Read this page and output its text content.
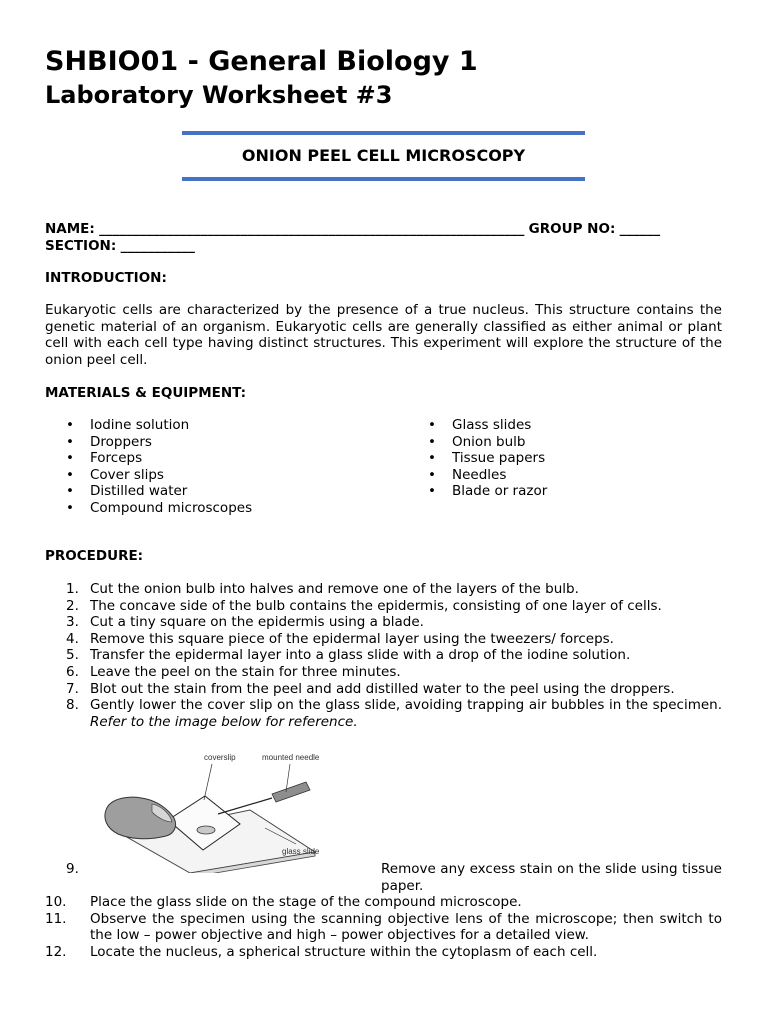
SHBIO01 - General Biology 1
Laboratory Worksheet #3
ONION PEEL CELL MICROSCOPY
NAME: _______________________________________________________________ GROUP NO: ______
SECTION: ___________
INTRODUCTION:
Eukaryotic cells are characterized by the presence of a true nucleus. This structure contains the genetic material of an organism. Eukaryotic cells are generally classified as either animal or plant cell with each cell type having distinct structures. This experiment will explore the structure of the onion peel cell.
MATERIALS & EQUIPMENT:
• Iodine solution
• Droppers
• Forceps
• Cover slips
• Distilled water
• Compound microscopes
• Glass slides
• Onion bulb
• Tissue papers
• Needles
• Blade or razor
PROCEDURE:
1. Cut the onion bulb into halves and remove one of the layers of the bulb.
2. The concave side of the bulb contains the epidermis, consisting of one layer of cells.
3. Cut a tiny square on the epidermis using a blade.
4. Remove this square piece of the epidermal layer using the tweezers/ forceps.
5. Transfer the epidermal layer into a glass slide with a drop of the iodine solution.
6. Leave the peel on the stain for three minutes.
7. Blot out the stain from the peel and add distilled water to the peel using the droppers.
8. Gently lower the cover slip on the glass slide, avoiding trapping air bubbles in the specimen. Refer to the image below for reference.
coverslip	mounted needle
glass slide
9.	Remove any excess stain on the slide using tissue paper.
10. Place the glass slide on the stage of the compound microscope.
11. Observe the specimen using the scanning objective lens of the microscope; then switch to the low – power objective and high – power objectives for a detailed view.
12. Locate the nucleus, a spherical structure within the cytoplasm of each cell.
